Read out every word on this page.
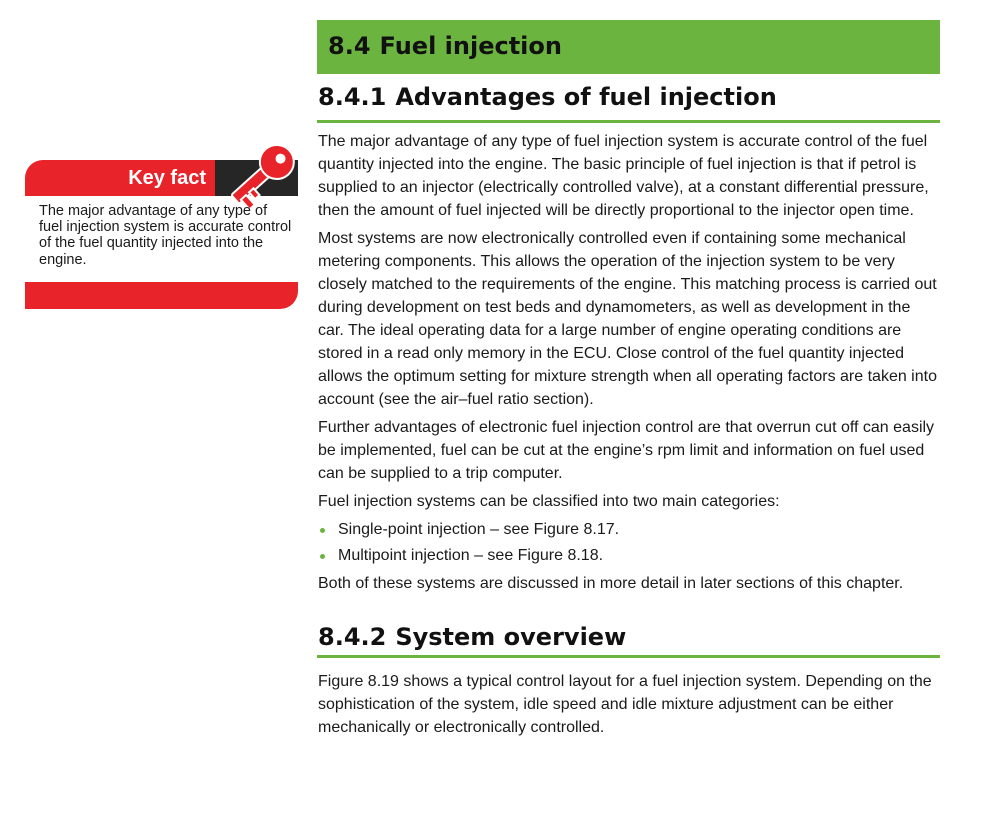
Key fact
The major advantage of any type of fuel injection system is accurate control of the fuel quantity injected into the engine.
8.4 Fuel injection
8.4.1 Advantages of fuel injection

The major advantage of any type of fuel injection system is accurate control of the fuel quantity injected into the engine. The basic principle of fuel injection is that if petrol is supplied to an injector (electrically controlled valve), at a constant differential pressure, then the amount of fuel injected will be directly proportional to the injector open time.

Most systems are now electronically controlled even if containing some mechanical metering components. This allows the operation of the injection system to be very closely matched to the requirements of the engine. This matching process is carried out during development on test beds and dynamometers, as well as development in the car. The ideal operating data for a large number of engine operating conditions are stored in a read only memory in the ECU. Close control of the fuel quantity injected allows the optimum setting for mixture strength when all operating factors are taken into account (see the air–fuel ratio section).

Further advantages of electronic fuel injection control are that overrun cut off can easily be implemented, fuel can be cut at the engine’s rpm limit and information on fuel used can be supplied to a trip computer.

Fuel injection systems can be classified into two main categories:

Single-point injection – see Figure 8.17.
Multipoint injection – see Figure 8.18.

Both of these systems are discussed in more detail in later sections of this chapter.

8.4.2 System overview

Figure 8.19 shows a typical control layout for a fuel injection system. Depending on the sophistication of the system, idle speed and idle mixture adjustment can be either mechanically or electronically controlled.
